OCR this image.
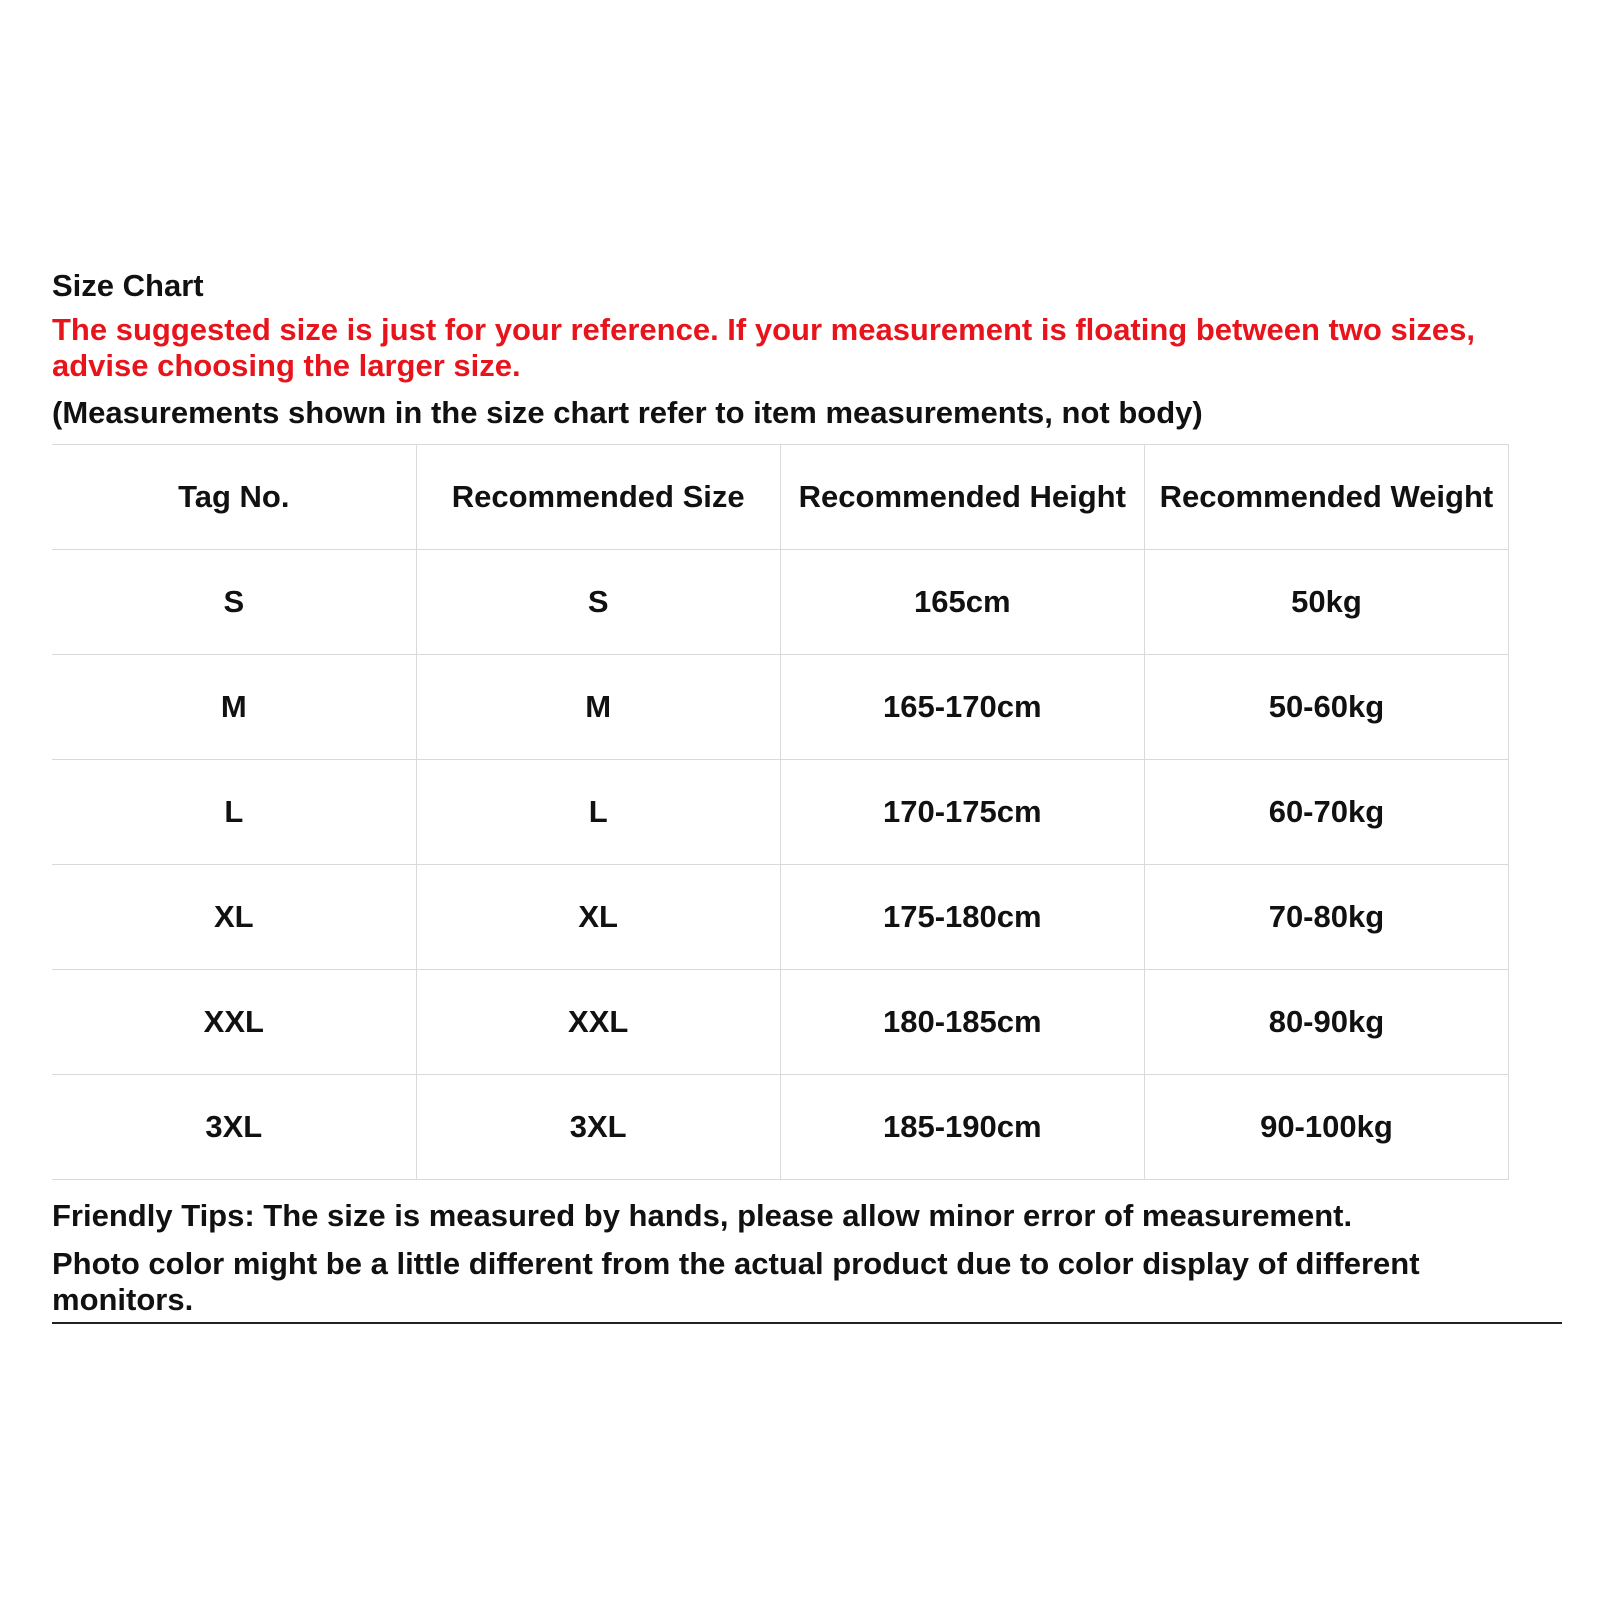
Size Chart
The suggested size is just for your reference. If your measurement is floating between two sizes, advise choosing the larger size.
(Measurements shown in the size chart refer to item measurements, not body)
Tag No.	Recommended Size	Recommended Height	Recommended Weight
S	S	165cm	50kg
M	M	165-170cm	50-60kg
L	L	170-175cm	60-70kg
XL	XL	175-180cm	70-80kg
XXL	XXL	180-185cm	80-90kg
3XL	3XL	185-190cm	90-100kg
Friendly Tips: The size is measured by hands, please allow minor error of measurement.
Photo color might be a little different from the actual product due to color display of different monitors.
